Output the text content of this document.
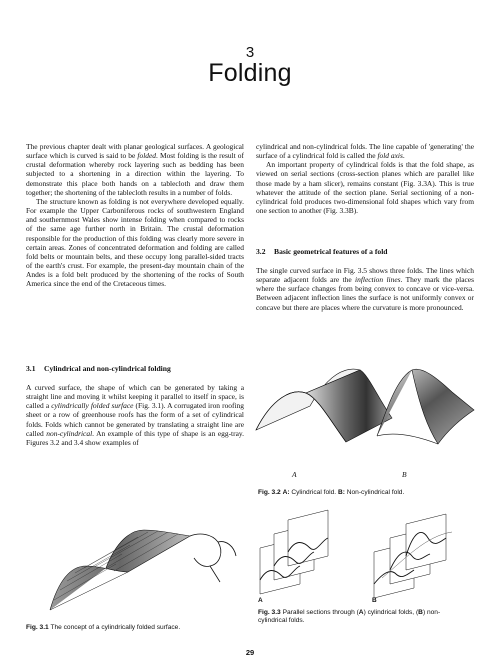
3
Folding

The previous chapter dealt with planar geological surfaces. A geological surface which is curved is said to be folded. Most folding is the result of crustal deformation whereby rock layering such as bedding has been subjected to a shortening in a direction within the layering. To demonstrate this place both hands on a tablecloth and draw them together; the shortening of the tablecloth results in a number of folds.

The structure known as folding is not everywhere developed equally. For example the Upper Carboniferous rocks of southwestern England and southernmost Wales show intense folding when compared to rocks of the same age further north in Britain. The crustal deformation responsible for the production of this folding was clearly more severe in certain areas. Zones of concentrated deformation and folding are called fold belts or mountain belts, and these occupy long parallel-sided tracts of the earth's crust. For example, the present-day mountain chain of the Andes is a fold belt produced by the shortening of the rocks of South America since the end of the Cretaceous times.

3.1 Cylindrical and non-cylindrical folding

A curved surface, the shape of which can be generated by taking a straight line and moving it whilst keeping it parallel to itself in space, is called a cylindrically folded surface (Fig. 3.1). A corrugated iron roofing sheet or a row of greenhouse roofs has the form of a set of cylindrical folds. Folds which cannot be generated by translating a straight line are called non-cylindrical. An example of this type of shape is an egg-tray. Figures 3.2 and 3.4 show examples of

cylindrical and non-cylindrical folds. The line capable of 'generating' the surface of a cylindrical fold is called the fold axis.

An important property of cylindrical folds is that the fold shape, as viewed on serial sections (cross-section planes which are parallel like those made by a ham slicer), remains constant (Fig. 3.3A). This is true whatever the attitude of the section plane. Serial sectioning of a non-cylindrical fold produces two-dimensional fold shapes which vary from one section to another (Fig. 3.3B).

3.2 Basic geometrical features of a fold

The single curved surface in Fig. 3.5 shows three folds. The lines which separate adjacent folds are the inflection lines. They mark the places where the surface changes from being convex to concave or vice-versa. Between adjacent inflection lines the surface is not uniformly convex or concave but there are places where the curvature is more pronounced.

A	B
Fig. 3.2 A: Cylindrical fold. B: Non-cylindrical fold.
A	B
Fig. 3.3 Parallel sections through (A) cylindrical folds, (B) non-cylindrical folds.
Fig. 3.1 The concept of a cylindrically folded surface.
29
